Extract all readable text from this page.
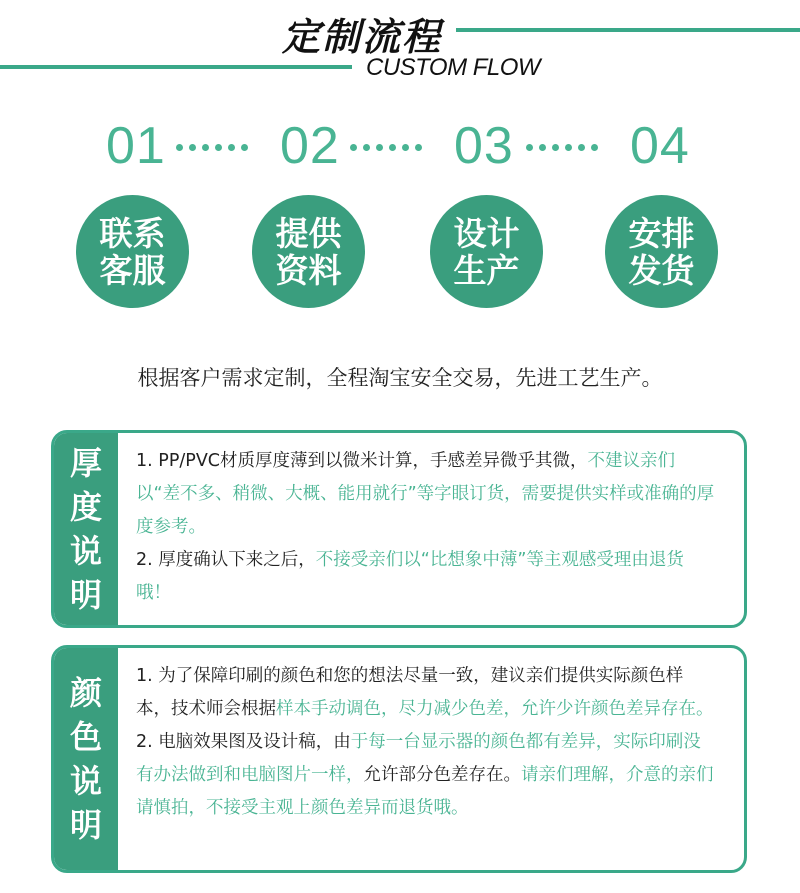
定制流程
CUSTOM FLOW
01 02 03 04
联系
客服
提供
资料
设计
生产
安排
发货
根据客户需求定制，全程淘宝安全交易，先进工艺生产。
厚度说明
1. PP/PVC材质厚度薄到以微米计算，手感差异微乎其微，不建议亲们以“差不多、稍微、大概、能用就行”等字眼订货，需要提供实样或准确的厚度参考。
2. 厚度确认下来之后，不接受亲们以“比想象中薄”等主观感受理由退货哦！
颜色说明
1. 为了保障印刷的颜色和您的想法尽量一致，建议亲们提供实际颜色样本，技术师会根据样本手动调色，尽力减少色差，允许少许颜色差异存在。
2. 电脑效果图及设计稿，由于每一台显示器的颜色都有差异，实际印刷没有办法做到和电脑图片一样，允许部分色差存在。请亲们理解，介意的亲们请慎拍，不接受主观上颜色差异而退货哦。
